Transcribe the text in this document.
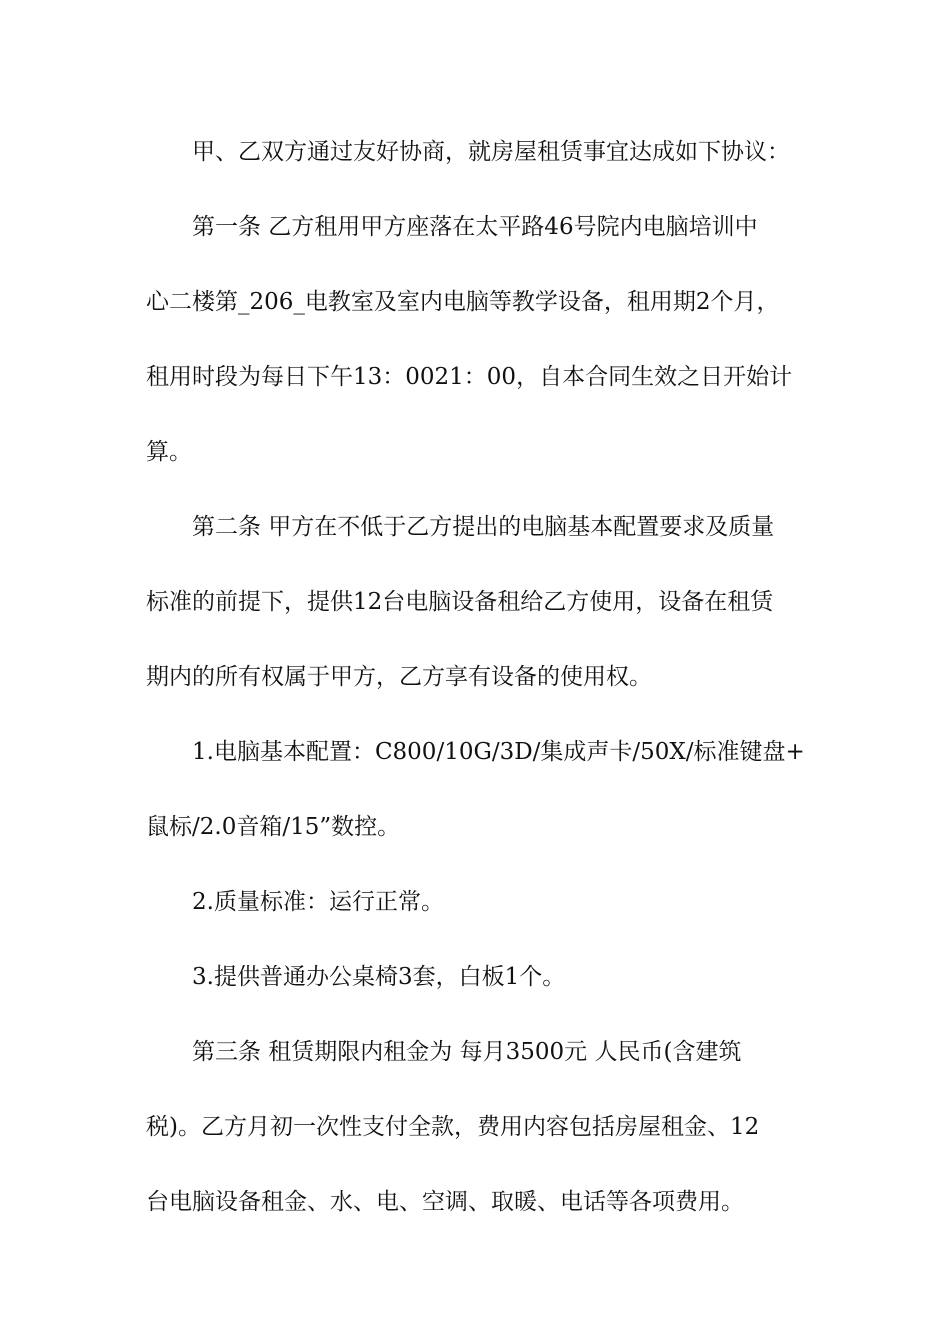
甲、乙双方通过友好协商，就房屋租赁事宜达成如下协议：
第一条 乙方租用甲方座落在太平路46号院内电脑培训中
心二楼第_206_电教室及室内电脑等教学设备，租用期2个月，
租用时段为每日下午13：0021：00，自本合同生效之日开始计
算。
第二条 甲方在不低于乙方提出的电脑基本配置要求及质量
标准的前提下，提供12台电脑设备租给乙方使用，设备在租赁
期内的所有权属于甲方，乙方享有设备的使用权。
1.电脑基本配置：C800/10G/3D/集成声卡/50X/标准键盘+
鼠标/2.0音箱/15”数控。
2.质量标准：运行正常。
3.提供普通办公桌椅3套，白板1个。
第三条 租赁期限内租金为 每月3500元 人民币(含建筑
税)。乙方月初一次性支付全款，费用内容包括房屋租金、12
台电脑设备租金、水、电、空调、取暖、电话等各项费用。
